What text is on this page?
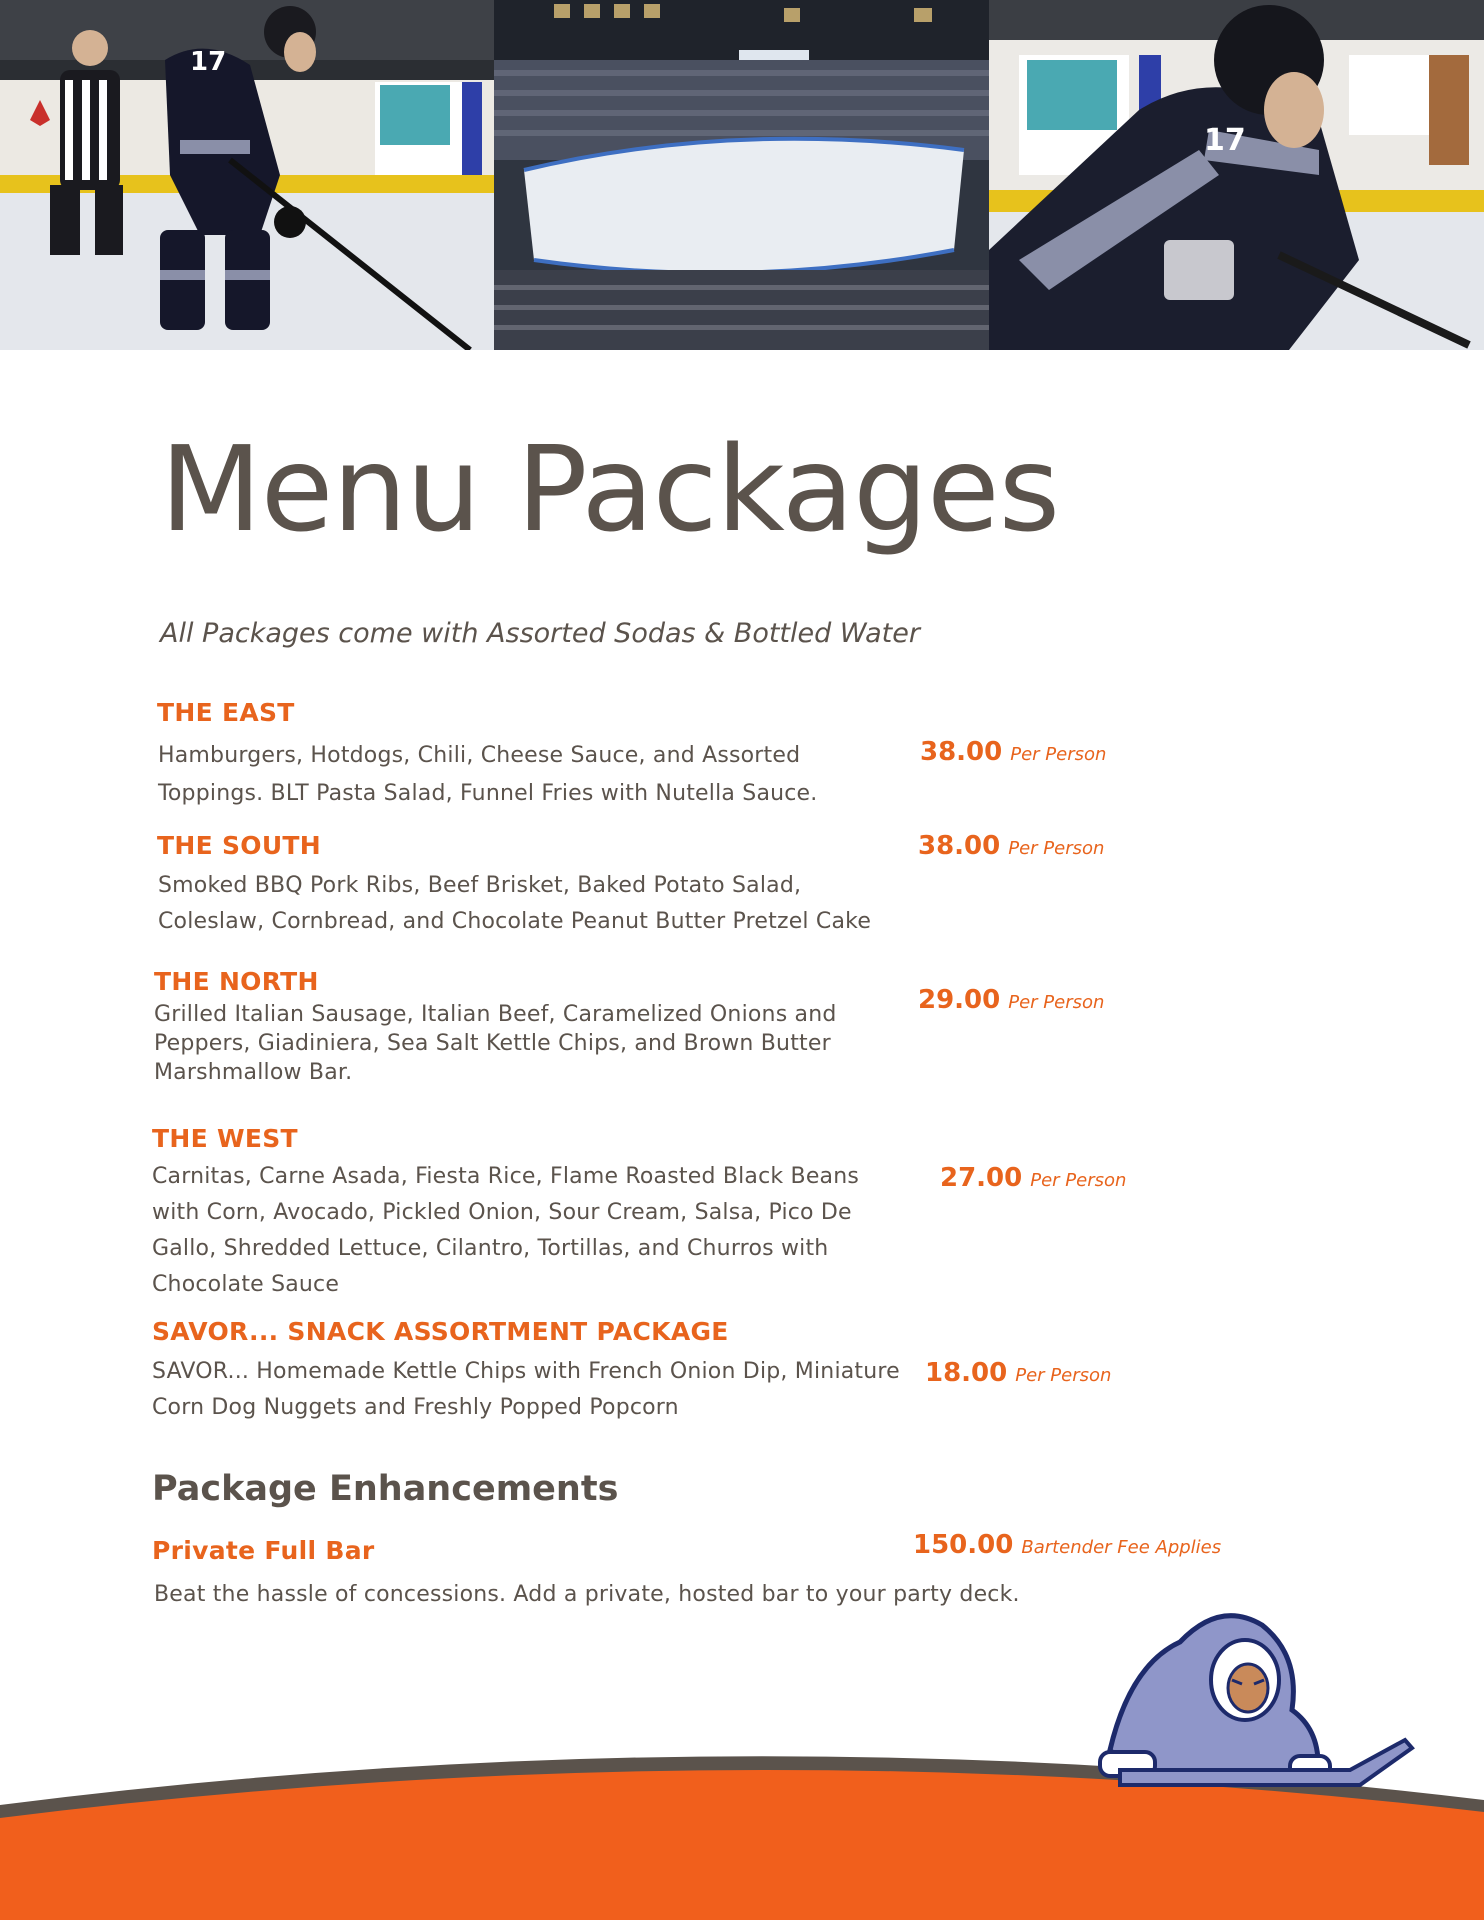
17
17
Menu Packages

All Packages come with Assorted Sodas & Bottled Water

THE EAST

Hamburgers, Hotdogs, Chili, Cheese Sauce, and Assorted Toppings. BLT Pasta Salad, Funnel Fries with Nutella Sauce.

38.00 Per Person
THE SOUTH

Smoked BBQ Pork Ribs, Beef Brisket, Baked Potato Salad, Coleslaw, Cornbread, and Chocolate Peanut Butter Pretzel Cake

38.00 Per Person
THE NORTH

Grilled Italian Sausage, Italian Beef, Caramelized Onions and Peppers, Giadiniera, Sea Salt Kettle Chips, and Brown Butter Marshmallow Bar.

29.00 Per Person
THE WEST

Carnitas, Carne Asada, Fiesta Rice, Flame Roasted Black Beans with Corn, Avocado, Pickled Onion, Sour Cream, Salsa, Pico De Gallo, Shredded Lettuce, Cilantro, Tortillas, and Churros with Chocolate Sauce

27.00 Per Person
SAVOR... SNACK ASSORTMENT PACKAGE

SAVOR... Homemade Kettle Chips with French Onion Dip, Miniature Corn Dog Nuggets and Freshly Popped Popcorn

18.00 Per Person
Package Enhancements
Private Full Bar

Beat the hassle of concessions. Add a private, hosted bar to your party deck.

150.00 Bartender Fee Applies
